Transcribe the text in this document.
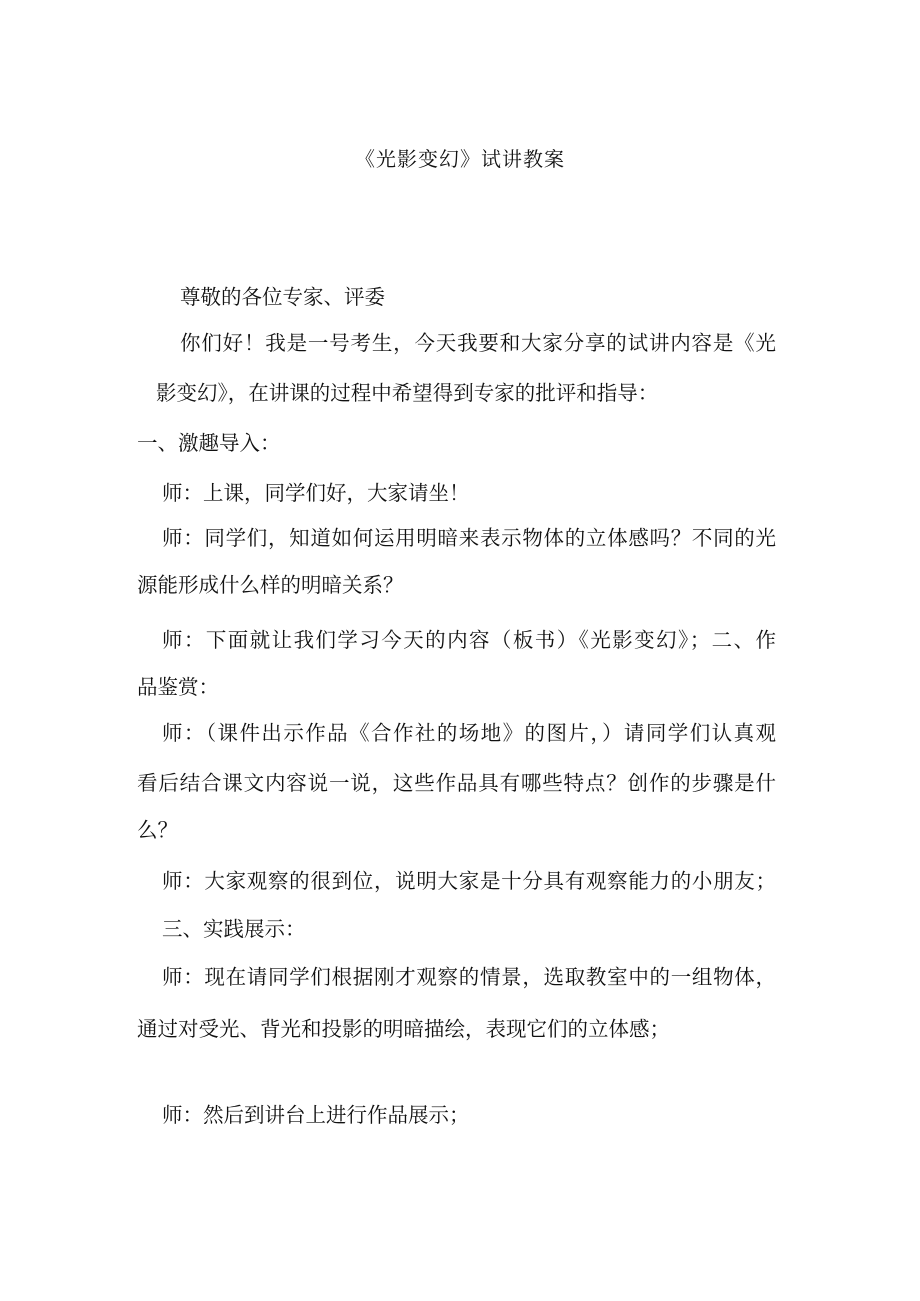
《光影变幻》试讲教案
尊敬的各位专家、评委
你们好！我是一号考生，今天我要和大家分享的试讲内容是《光
影变幻》，在讲课的过程中希望得到专家的批评和指导：
一、激趣导入：
师：上课，同学们好，大家请坐！
师：同学们，知道如何运用明暗来表示物体的立体感吗？不同的光
源能形成什么样的明暗关系？
师：下面就让我们学习今天的内容（板书）《光影变幻》；二、作
品鉴赏：
师：（课件出示作品《合作社的场地》的图片，）请同学们认真观
看后结合课文内容说一说，这些作品具有哪些特点？创作的步骤是什
么？
师：大家观察的很到位，说明大家是十分具有观察能力的小朋友；
三、实践展示：
师：现在请同学们根据刚才观察的情景，选取教室中的一组物体，
通过对受光、背光和投影的明暗描绘，表现它们的立体感；
师：然后到讲台上进行作品展示；
